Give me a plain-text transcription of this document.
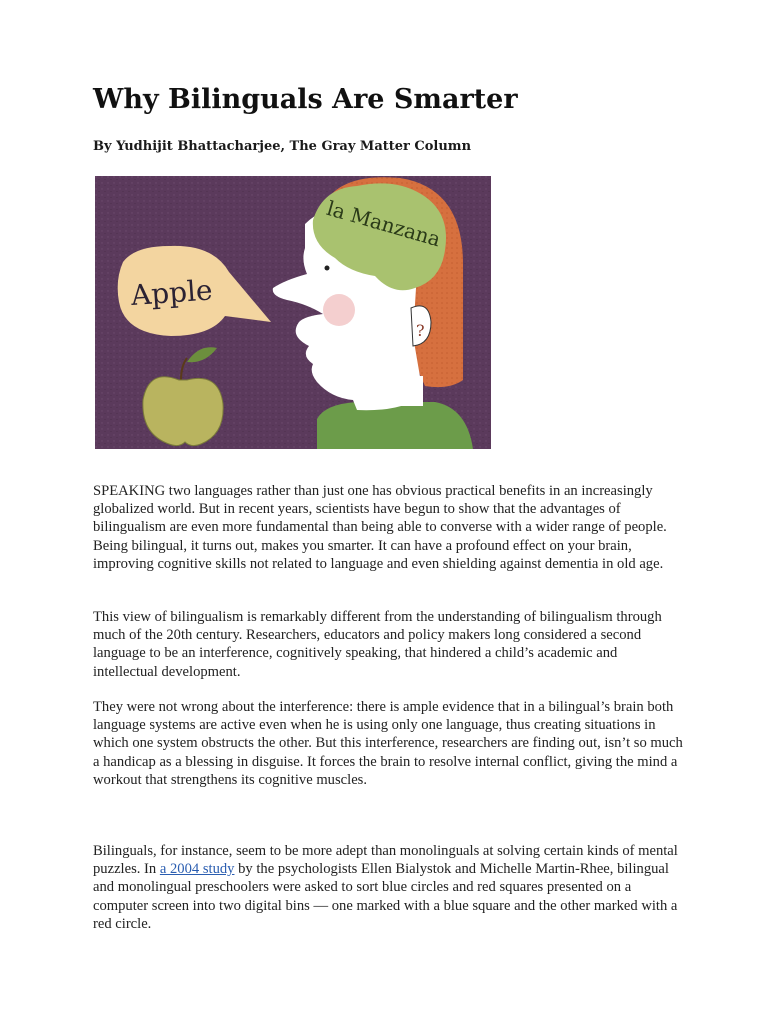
Why Bilinguals Are Smarter

By Yudhijit Bhattacharjee, The Gray Matter Column

la Manzana
?
Apple

SPEAKING two languages rather than just one has obvious practical benefits in an increasingly globalized world. But in recent years, scientists have begun to show that the advantages of bilingualism are even more fundamental than being able to converse with a wider range of people. Being bilingual, it turns out, makes you smarter. It can have a profound effect on your brain, improving cognitive skills not related to language and even shielding against dementia in old age.

This view of bilingualism is remarkably different from the understanding of bilingualism through much of the 20th century. Researchers, educators and policy makers long considered a second language to be an interference, cognitively speaking, that hindered a child’s academic and intellectual development.

They were not wrong about the interference: there is ample evidence that in a bilingual’s brain both language systems are active even when he is using only one language, thus creating situations in which one system obstructs the other. But this interference, researchers are finding out, isn’t so much a handicap as a blessing in disguise. It forces the brain to resolve internal conflict, giving the mind a workout that strengthens its cognitive muscles.

Bilinguals, for instance, seem to be more adept than monolinguals at solving certain kinds of mental puzzles. In a 2004 study by the psychologists Ellen Bialystok and Michelle Martin-Rhee, bilingual and monolingual preschoolers were asked to sort blue circles and red squares presented on a computer screen into two digital bins — one marked with a blue square and the other marked with a red circle.
